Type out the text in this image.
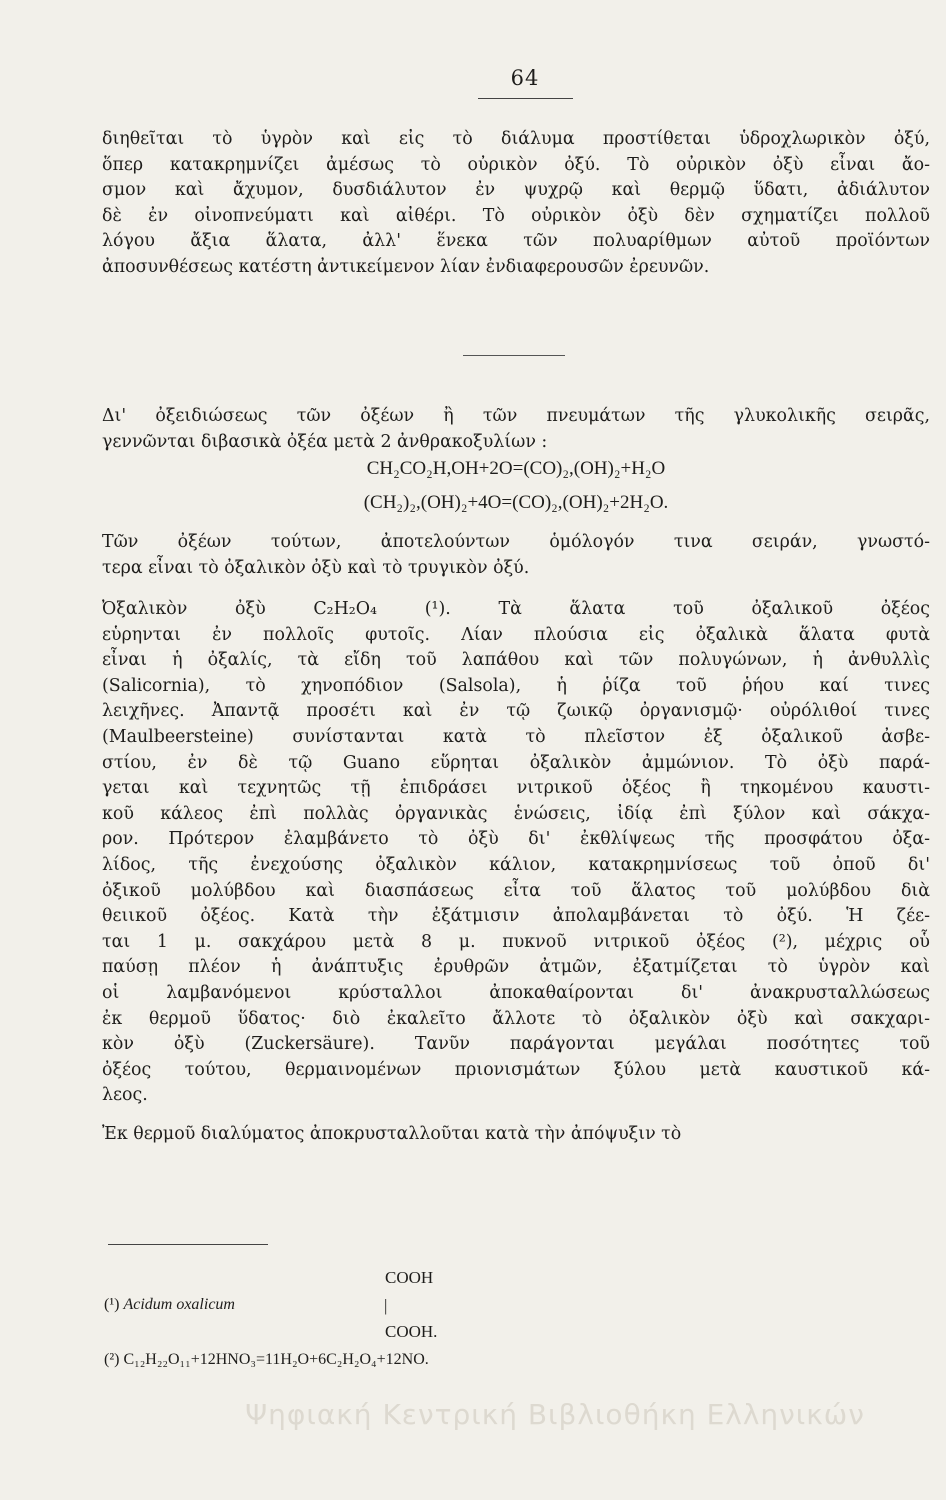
64
διηθεῖται τὸ ὑγρὸν καὶ εἰς τὸ διάλυμα προστίθεται ὑδροχλωρικὸν ὀξύ,
ὅπερ κατακρημνίζει ἀμέσως τὸ οὐρικὸν ὀξύ. Τὸ οὐρικὸν ὀξὺ εἶναι ἄο-
σμον καὶ ἄχυμον, δυσδιάλυτον ἐν ψυχρῷ καὶ θερμῷ ὕδατι, ἀδιάλυτον
δὲ ἐν οἰνοπνεύματι καὶ αἰθέρι. Τὸ οὐρικὸν ὀξὺ δὲν σχηματίζει πολλοῦ
λόγου ἄξια ἅλατα, ἀλλ' ἕνεκα τῶν πολυαρίθμων αὐτοῦ προϊόντων
ἀποσυνθέσεως κατέστη ἀντικείμενον λίαν ἐνδιαφερουσῶν ἐρευνῶν.
Δι' ὀξειδιώσεως τῶν ὀξέων ἢ τῶν πνευμάτων τῆς γλυκολικῆς σειρᾶς,
γεννῶνται διβασικὰ ὀξέα μετὰ 2 ἀνθρακοξυλίων :
CH₂CO₂H,OH+2O=(CO)₂,(OH)₂+H₂O
(CH₂)₂,(OH)₂+4O=(CO)₂,(OH)₂+2H₂O.
Τῶν ὀξέων τούτων, ἀποτελούντων ὁμόλογόν τινα σειράν, γνωστό-
τερα εἶναι τὸ ὀξαλικὸν ὀξὺ καὶ τὸ τρυγικὸν ὀξύ.
Ὀξαλικὸν ὀξὺ C₂H₂O₄ (¹). Τὰ ἅλατα τοῦ ὀξαλικοῦ ὀξέος
εὑρηνται ἐν πολλοῖς φυτοῖς. Λίαν πλούσια εἰς ὀξαλικὰ ἅλατα φυτὰ
εἶναι ἡ ὀξαλίς, τὰ εἴδη τοῦ λαπάθου καὶ τῶν πολυγώνων, ἡ ἀνθυλλὶς
(Salicornia), τὸ χηνοπόδιον (Salsola), ἡ ῥίζα τοῦ ῥήου καί τινες
λειχῆνες. Ἀπαντᾷ προσέτι καὶ ἐν τῷ ζωικῷ ὀργανισμῷ· οὐρόλιθοί τινες
(Maulbeersteine) συνίστανται κατὰ τὸ πλεῖστον ἐξ ὀξαλικοῦ ἀσβε-
στίου, ἐν δὲ τῷ Guano εὕρηται ὀξαλικὸν ἀμμώνιον. Τὸ ὀξὺ παρά-
γεται καὶ τεχνητῶς τῇ ἐπιδράσει νιτρικοῦ ὀξέος ἢ τηκομένου καυστι-
κοῦ κάλεος ἐπὶ πολλὰς ὀργανικὰς ἑνώσεις, ἰδίᾳ ἐπὶ ξύλον καὶ σάκχα-
ρον. Πρότερον ἐλαμβάνετο τὸ ὀξὺ δι' ἐκθλίψεως τῆς προσφάτου ὀξα-
λίδος, τῆς ἐνεχούσης ὀξαλικὸν κάλιον, κατακρημνίσεως τοῦ ὀποῦ δι'
ὀξικοῦ μολύβδου καὶ διασπάσεως εἶτα τοῦ ἅλατος τοῦ μολύβδου διὰ
θειικοῦ ὀξέος. Κατὰ τὴν ἐξάτμισιν ἀπολαμβάνεται τὸ ὀξύ. Ἡ ζέε-
ται 1 μ. σακχάρου μετὰ 8 μ. πυκνοῦ νιτρικοῦ ὀξέος (²), μέχρις οὗ
παύσῃ πλέον ἡ ἀνάπτυξις ἐρυθρῶν ἀτμῶν, ἐξατμίζεται τὸ ὑγρὸν καὶ
οἱ λαμβανόμενοι κρύσταλλοι ἀποκαθαίρονται δι' ἀνακρυσταλλώσεως
ἐκ θερμοῦ ὕδατος· διὸ ἐκαλεῖτο ἄλλοτε τὸ ὀξαλικὸν ὀξὺ καὶ σακχαρι-
κὸν ὀξὺ (Zuckersäure). Τανῦν παράγονται μεγάλαι ποσότητες τοῦ
ὀξέος τούτου, θερμαινομένων πριονισμάτων ξύλου μετὰ καυστικοῦ κά-
λεος.
Ἐκ θερμοῦ διαλύματος ἀποκρυσταλλοῦται κατὰ τὴν ἀπόψυξιν τὸ
COOH
(¹) Acidum oxalicum	|
COOH.
(²) C₁₂H₂₂O₁₁+12HNO₃=11H₂O+6C₂H₂O₄+12NO.
Ψηφιακή Κεντρική Βιβλιοθήκη Ελληνικών
